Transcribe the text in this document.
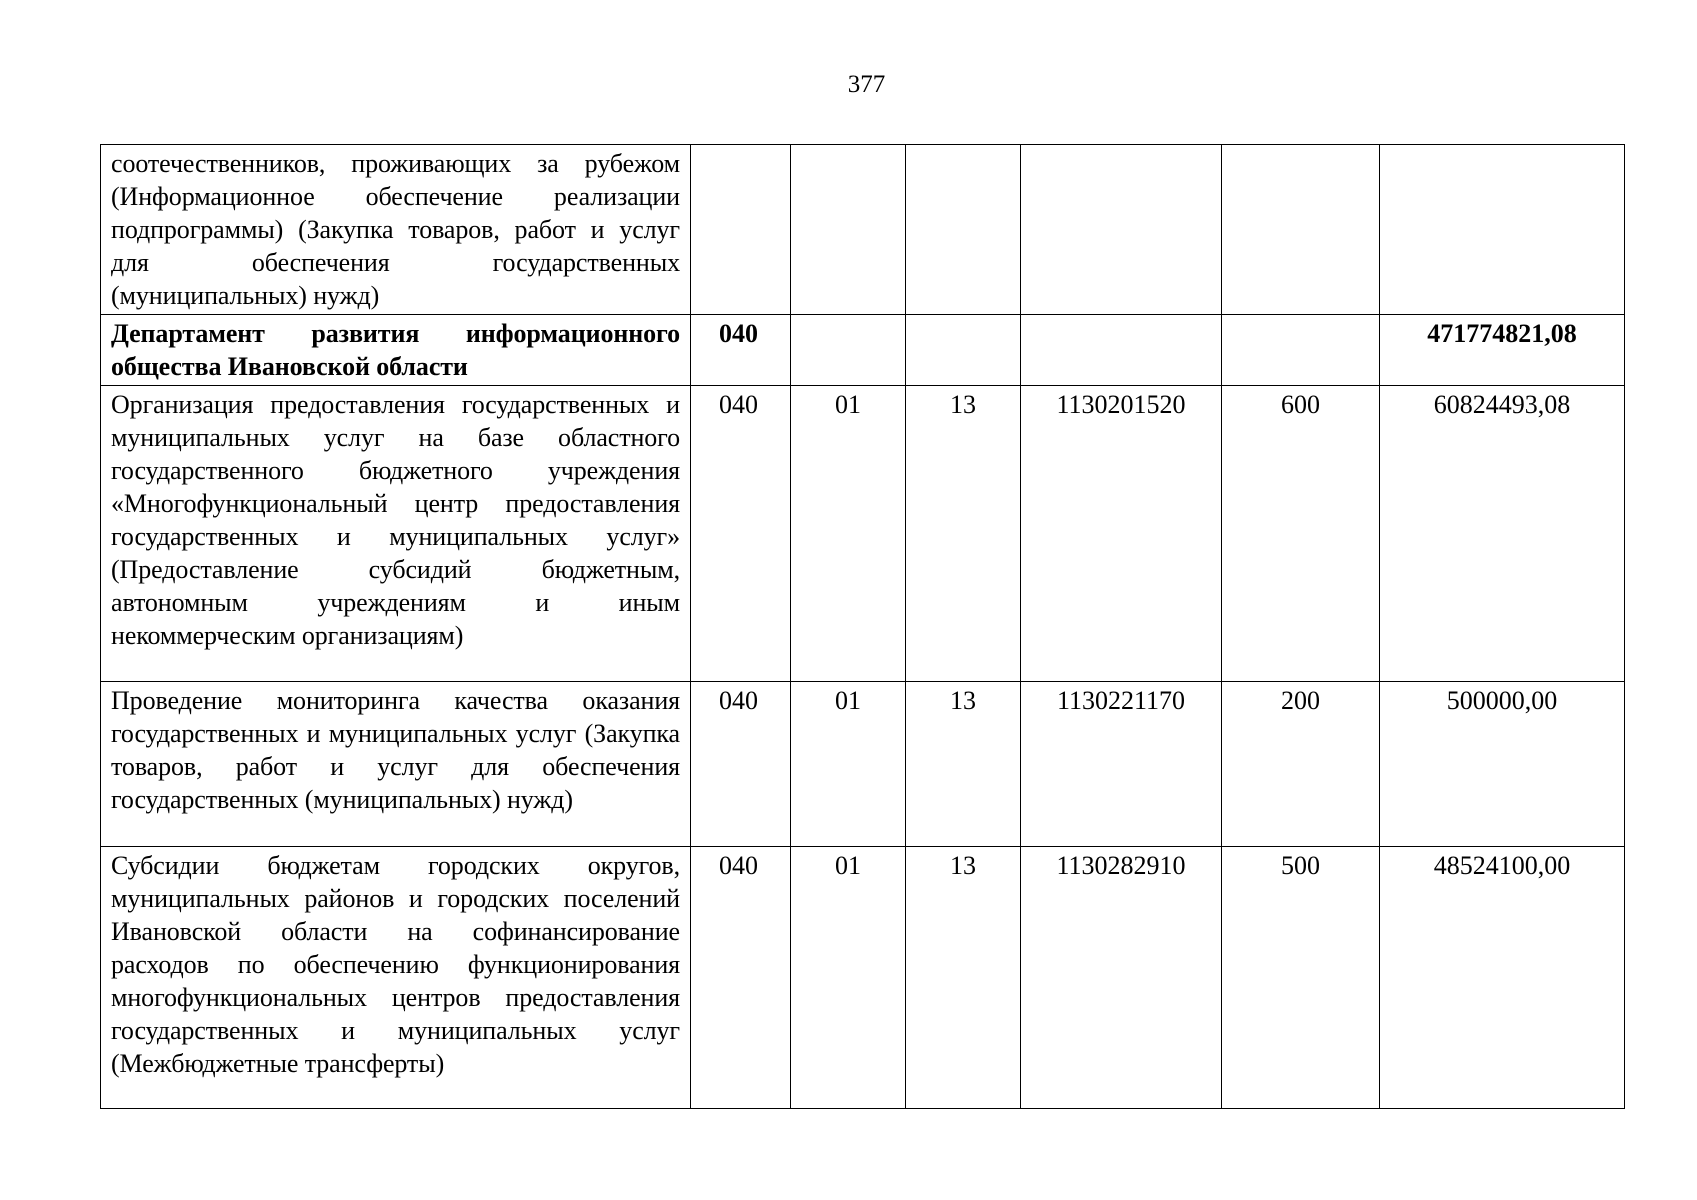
377
соотечественников, проживающих за рубежом (Информационное обеспечение реализации подпрограммы) (Закупка товаров, работ и услуг для обеспечения государственных (муниципальных) нужд)						
Департамент развития информационного общества Ивановской области	040					471774821,08
Организация предоставления государственных и муниципальных услуг на базе областного государственного бюджетного учреждения «Многофункциональный центр предоставления государственных и муниципальных услуг» (Предоставление субсидий бюджетным, автономным учреждениям и иным некоммерческим организациям)	040	01	13	1130201520	600	60824493,08
Проведение мониторинга качества оказания государственных и муниципальных услуг (Закупка товаров, работ и услуг для обеспечения государственных (муниципальных) нужд)	040	01	13	1130221170	200	500000,00
Субсидии бюджетам городских округов, муниципальных районов и городских поселений Ивановской области на софинансирование расходов по обеспечению функционирования многофункциональных центров предоставления государственных и муниципальных услуг (Межбюджетные трансферты)	040	01	13	1130282910	500	48524100,00
